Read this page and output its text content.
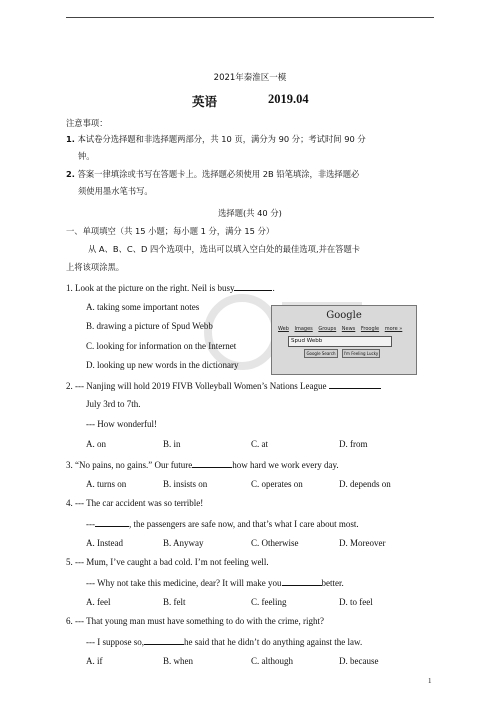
2021年秦淮区一模
英语	2019.04
注意事项：
1. 本试卷分选择题和非选择题两部分，共 10 页，满分为 90 分；考试时间 90 分
钟。
2. 答案一律填涂或书写在答题卡上。选择题必须使用 2B 铅笔填涂，非选择题必
须使用墨水笔书写。
选择题(共 40 分)
一、单项填空（共 15 小题；每小题 1 分，满分 15 分）
从 A、B、C、D 四个选项中，选出可以填入空白处的最佳选项,并在答题卡
上将该项涂黑。
1. Look at the picture on the right. Neil is busy	.
A. taking some important notes
B. drawing a picture of Spud Webb
C. looking for information on the Internet
D. looking up new words in the dictionary
Google
Web Images Groups News Froogle more »
Spud Webb
Google Search	I'm Feeling Lucky
2. --- Nanjing will hold 2019 FIVB Volleyball Women’s Nations League
July 3rd to 7th.
--- How wonderful!
A. on	B. in	C. at	D. from
3. “No pains, no gains.” Our future	how hard we work every day.
A. turns on	B. insists on	C. operates on	D. depends on
4. --- The car accident was so terrible!
---	, the passengers are safe now, and that’s what I care about most.
A. Instead	B. Anyway	C. Otherwise	D. Moreover
5. --- Mum, I’ve caught a bad cold. I’m not feeling well.
--- Why not take this medicine, dear? It will make you	better.
A. feel	B. felt	C. feeling	D. to feel
6. --- That young man must have something to do with the crime, right?
--- I suppose so,	he said that he didn’t do anything against the law.
A. if	B. when	C. although	D. because
1
